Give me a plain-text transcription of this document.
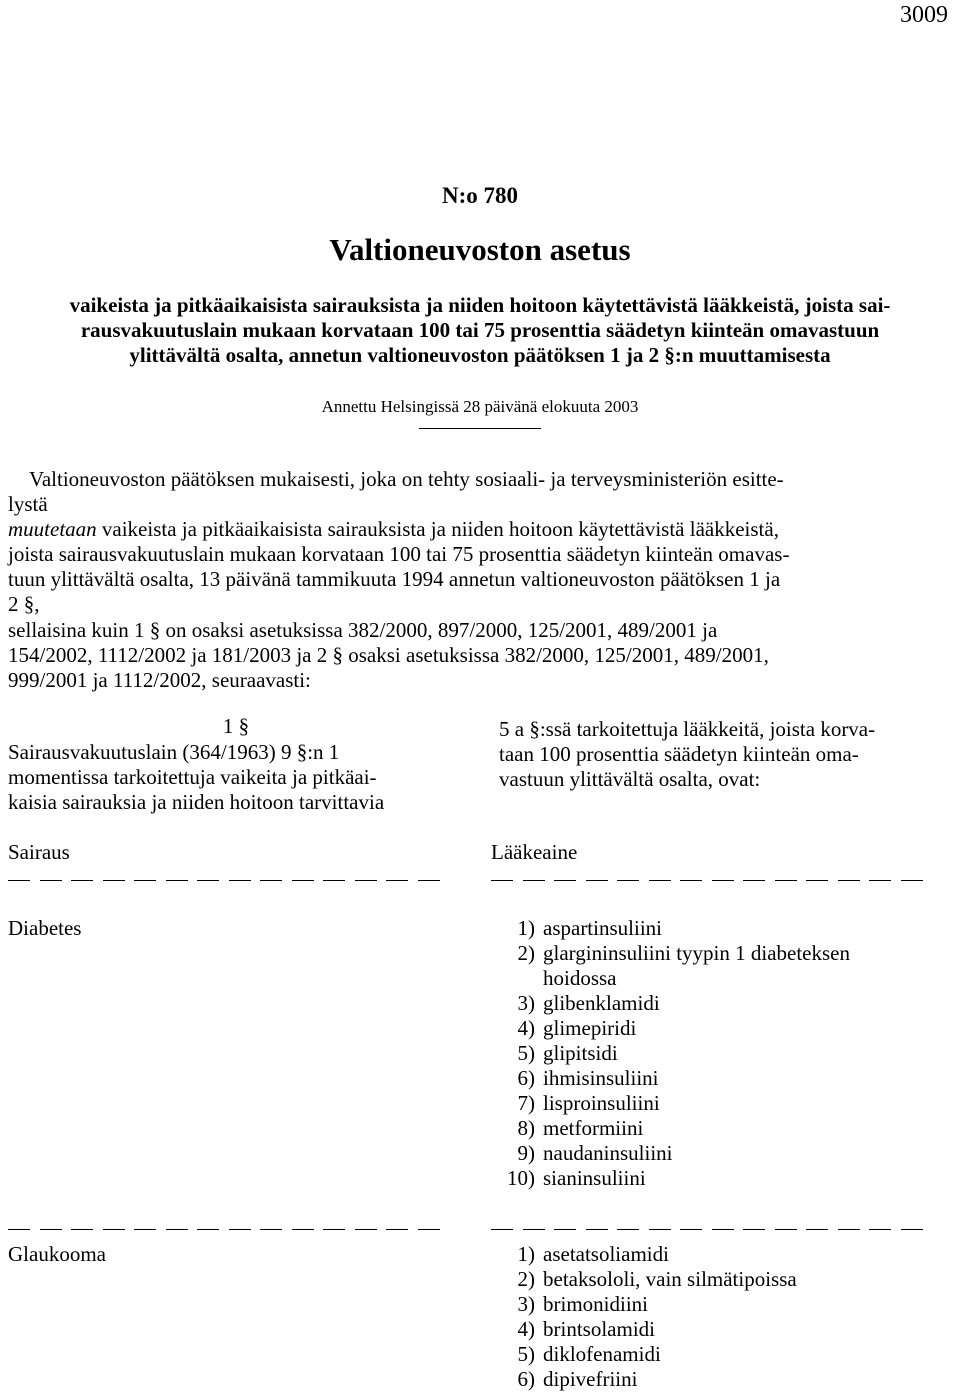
3009
N:o 780
Valtioneuvoston asetus
vaikeista ja pitkäaikaisista sairauksista ja niiden hoitoon käytettävistä lääkkeistä, joista sai-
rausvakuutuslain mukaan korvataan 100 tai 75 prosenttia säädetyn kiinteän omavastuun
ylittävältä osalta, annetun valtioneuvoston päätöksen 1 ja 2 §:n muuttamisesta
Annettu Helsingissä 28 päivänä elokuuta 2003
Valtioneuvoston päätöksen mukaisesti, joka on tehty sosiaali- ja terveysministeriön esitte-
lystä
muutetaan vaikeista ja pitkäaikaisista sairauksista ja niiden hoitoon käytettävistä lääkkeistä,
joista sairausvakuutuslain mukaan korvataan 100 tai 75 prosenttia säädetyn kiinteän omavas-
tuun ylittävältä osalta, 13 päivänä tammikuuta 1994 annetun valtioneuvoston päätöksen 1 ja
2 §,
sellaisina kuin 1 § on osaksi asetuksissa 382/2000, 897/2000, 125/2001, 489/2001 ja
154/2002, 1112/2002 ja 181/2003 ja 2 § osaksi asetuksissa 382/2000, 125/2001, 489/2001,
999/2001 ja 1112/2002, seuraavasti:
1 §
Sairausvakuutuslain (364/1963) 9 §:n 1
momentissa tarkoitettuja vaikeita ja pitkäai-
kaisia sairauksia ja niiden hoitoon tarvittavia
5 a §:ssä tarkoitettuja lääkkeitä, joista korva-
taan 100 prosenttia säädetyn kiinteän oma-
vastuun ylittävältä osalta, ovat:
Sairaus	Lääkeaine
Diabetes	1) aspartinsuliini
2) glargininsuliini tyypin 1 diabeteksen
hoidossa
3) glibenklamidi
4) glimepiridi
5) glipitsidi
6) ihmisinsuliini
7) lisproinsuliini
8) metformiini
9) naudaninsuliini
10) sianinsuliini
Glaukooma	1) asetatsoliamidi
2) betaksololi, vain silmätipoissa
3) brimonidiini
4) brintsolamidi
5) diklofenamidi
6) dipivefriini
